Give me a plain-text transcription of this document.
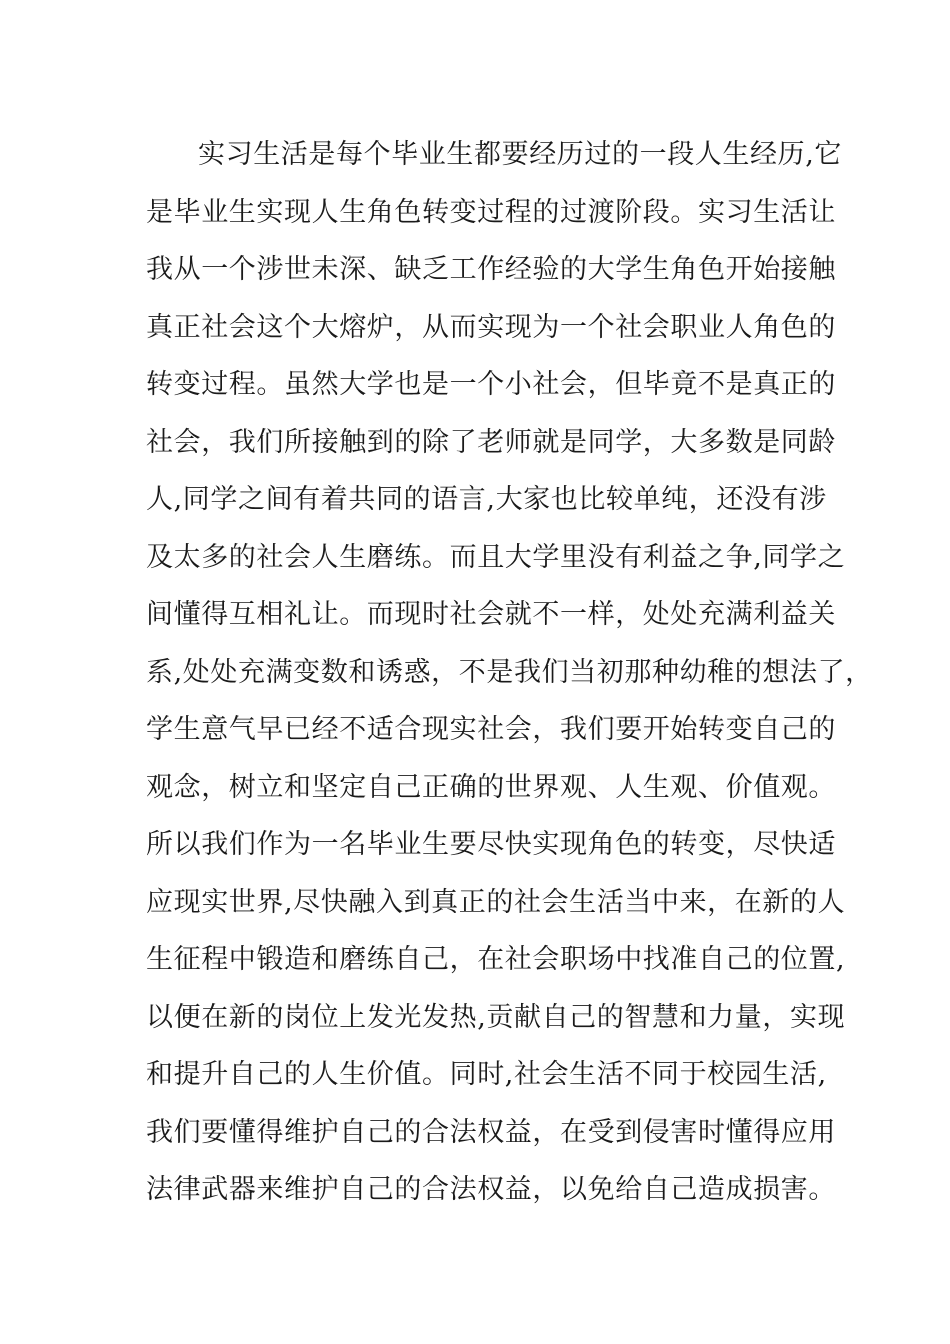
实习生活是每个毕业生都要经历过的一段人生经历,它
是毕业生实现人生角色转变过程的过渡阶段。实习生活让
我从一个涉世未深、缺乏工作经验的大学生角色开始接触
真正社会这个大熔炉，从而实现为一个社会职业人角色的
转变过程。虽然大学也是一个小社会，但毕竟不是真正的
社会，我们所接触到的除了老师就是同学，大多数是同龄
人,同学之间有着共同的语言,大家也比较单纯，还没有涉
及太多的社会人生磨练。而且大学里没有利益之争,同学之
间懂得互相礼让。而现时社会就不一样，处处充满利益关
系,处处充满变数和诱惑，不是我们当初那种幼稚的想法了，
学生意气早已经不适合现实社会，我们要开始转变自己的
观念，树立和坚定自己正确的世界观、人生观、价值观。
所以我们作为一名毕业生要尽快实现角色的转变，尽快适
应现实世界,尽快融入到真正的社会生活当中来，在新的人
生征程中锻造和磨练自己，在社会职场中找准自己的位置,
以便在新的岗位上发光发热,贡献自己的智慧和力量，实现
和提升自己的人生价值。同时,社会生活不同于校园生活,
我们要懂得维护自己的合法权益，在受到侵害时懂得应用
法律武器来维护自己的合法权益，以免给自己造成损害。
